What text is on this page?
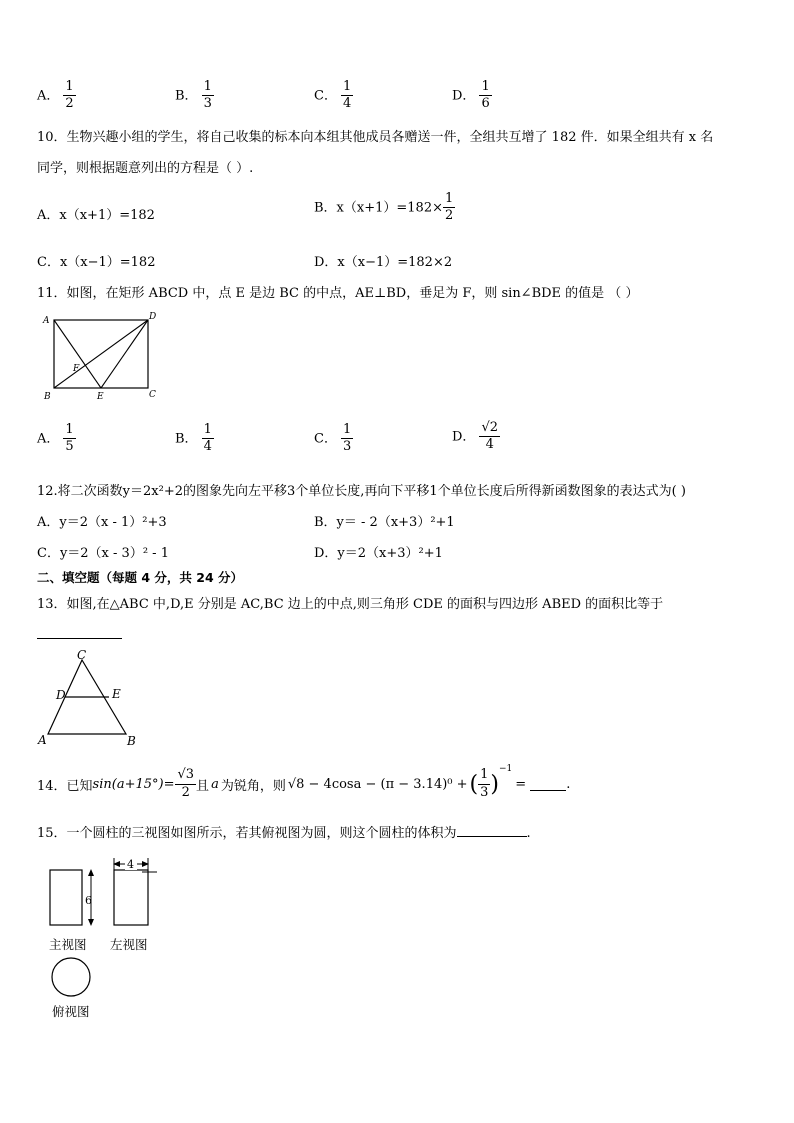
A． $\frac{1}{2}$	B． $\frac{1}{3}$	C． $\frac{1}{4}$	D． $\frac{1}{6}$
10．生物兴趣小组的学生，将自己收集的标本向本组其他成员各赠送一件，全组共互增了 182 件．如果全组共有 x 名
同学，则根据题意列出的方程是（ ）.
A．x（x+1）=182
B．$x(x+1)=182\times \frac{1}{2}$
C．x（x−1）=182	D．x（x−1）=182×2
11．如图，在矩形 ABCD 中，点 E 是边 BC 的中点，AE⊥BD，垂足为 F，则 sin∠BDE 的值是 （ ）
A	D
B	C
E
F
A． $\frac{1}{5}$	B． $\frac{1}{4}$	C． $\frac{1}{3}$	D． $\frac{√2}{4}$
12.将二次函数y＝2x²+2的图象先向左平移3个单位长度,再向下平移1个单位长度后所得新函数图象的表达式为( )
A．y＝2（x - 1）²+3	B．y＝ - 2（x+3）²+1
C．y＝2（x - 3）² - 1	D．y＝2（x+3）²+1
二、填空题（每题 4 分，共 24 分）
13．如图,在△ABC 中,D,E 分别是 AC,BC 边上的中点,则三角形 CDE 的面积与四边形 ABED 的面积比等于
C
D	E
A	B
14．已知 $\sin(a+15^\circ)= \frac{√3}{2}$ 且 a 为锐角，则 √8 − 4cosa − (π − 3.14)⁰ + ( $\frac{1}{3}$ )
−1
=	.
15．一个圆柱的三视图如图所示，若其俯视图为圆，则这个圆柱的体积为	.
6
4
主视图 左视图
俯视图
